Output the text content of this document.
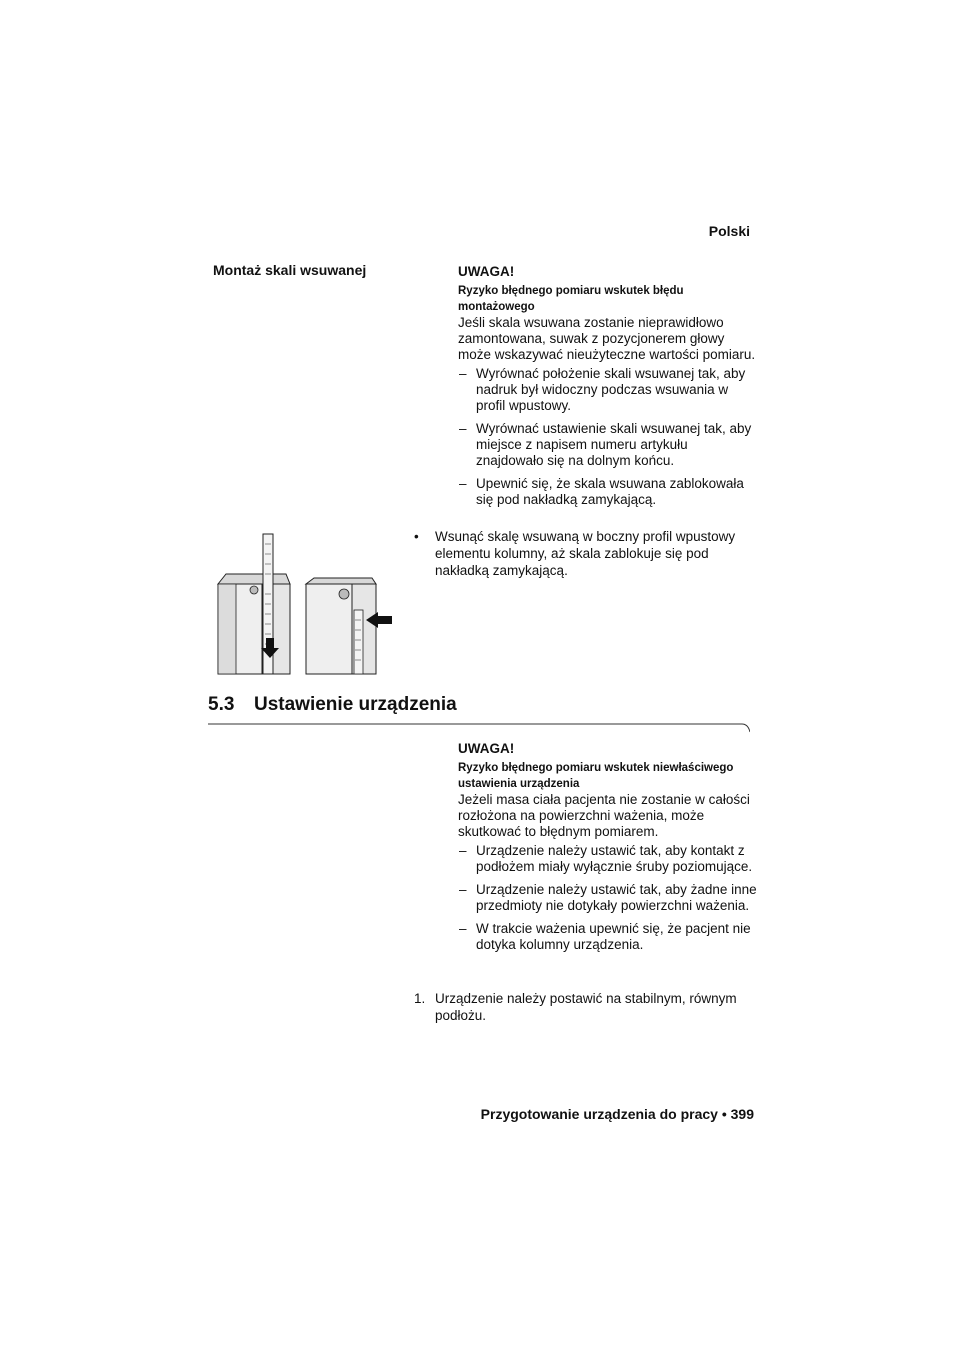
Polski
Montaż skali wsuwanej	UWAGA!
Ryzyko błędnego pomiaru wskutek błędu montażowego
Jeśli skala wsuwana zostanie nieprawidłowo zamontowana, suwak z pozycjonerem głowy może wskazywać nieużyteczne wartości pomiaru.
– Wyrównać położenie skali wsuwanej tak, aby nadruk był widoczny podczas wsuwania w profil wpustowy.
– Wyrównać ustawienie skali wsuwanej tak, aby miejsce z napisem numeru artykułu znajdowało się na dolnym końcu.
– Upewnić się, że skala wsuwana zablokowała się pod nakładką zamykającą.
•	Wsunąć skalę wsuwaną w boczny profil wpustowy elementu kolumny, aż skala zablokuje się pod nakładką zamykającą.
5.3 Ustawienie urządzenia
UWAGA!
Ryzyko błędnego pomiaru wskutek niewłaściwego ustawienia urządzenia
Jeżeli masa ciała pacjenta nie zostanie w całości rozłożona na powierzchni ważenia, może skutkować to błędnym pomiarem.
– Urządzenie należy ustawić tak, aby kontakt z podłożem miały wyłącznie śruby poziomujące.
– Urządzenie należy ustawić tak, aby żadne inne przedmioty nie dotykały powierzchni ważenia.
– W trakcie ważenia upewnić się, że pacjent nie dotyka kolumny urządzenia.
1. Urządzenie należy postawić na stabilnym, równym podłożu.
Przygotowanie urządzenia do pracy • 399
